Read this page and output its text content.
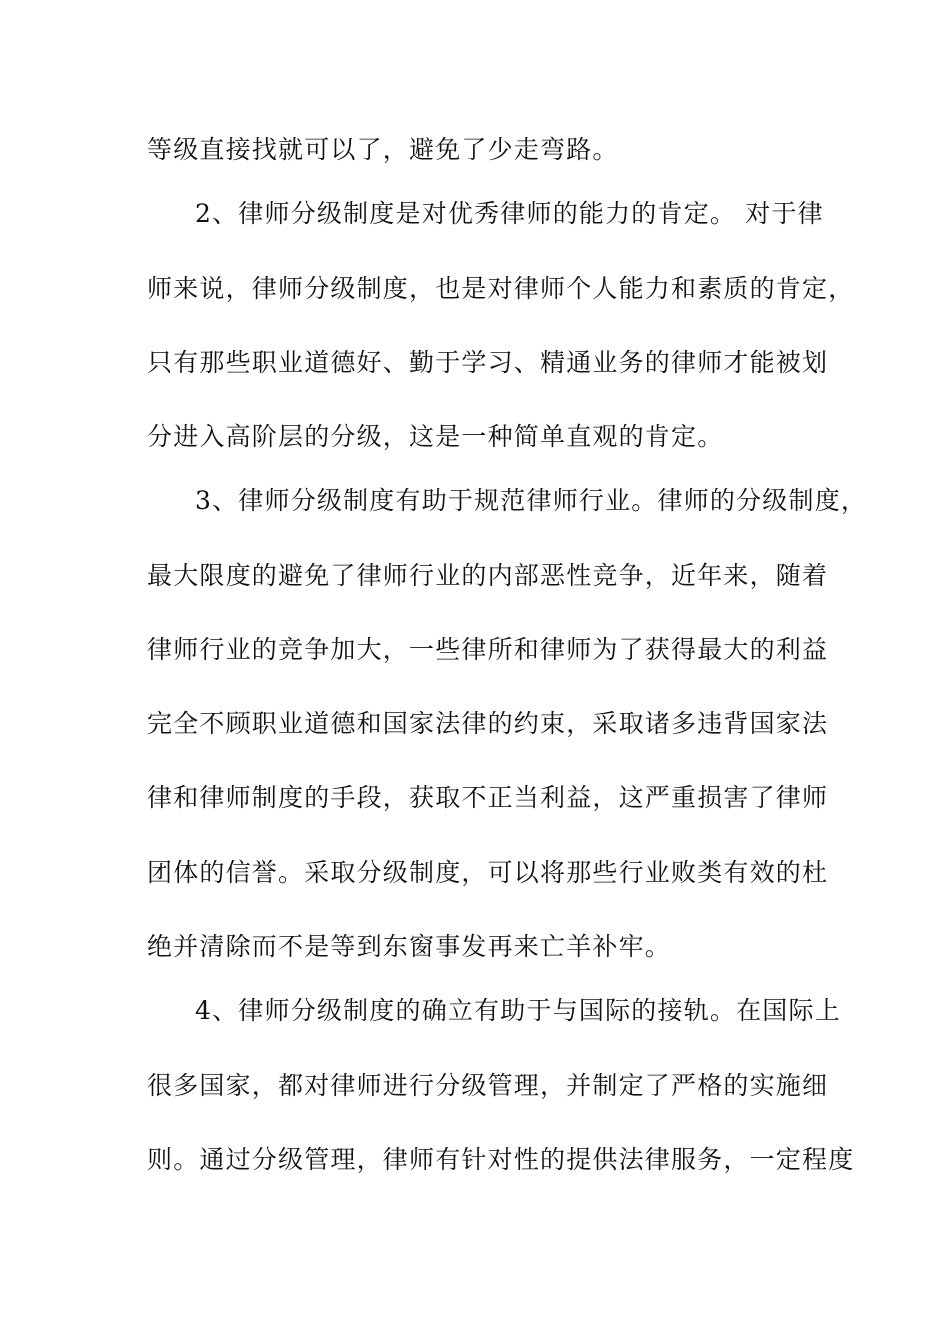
等级直接找就可以了，避免了少走弯路。
2、律师分级制度是对优秀律师的能力的肯定。 对于律
师来说，律师分级制度，也是对律师个人能力和素质的肯定，
只有那些职业道德好、勤于学习、精通业务的律师才能被划
分进入高阶层的分级，这是一种简单直观的肯定。
3、律师分级制度有助于规范律师行业。律师的分级制度，
最大限度的避免了律师行业的内部恶性竞争，近年来，随着
律师行业的竞争加大，一些律所和律师为了获得最大的利益
完全不顾职业道德和国家法律的约束，采取诸多违背国家法
律和律师制度的手段，获取不正当利益，这严重损害了律师
团体的信誉。采取分级制度，可以将那些行业败类有效的杜
绝并清除而不是等到东窗事发再来亡羊补牢。
4、律师分级制度的确立有助于与国际的接轨。在国际上
很多国家，都对律师进行分级管理，并制定了严格的实施细
则。通过分级管理，律师有针对性的提供法律服务，一定程度
